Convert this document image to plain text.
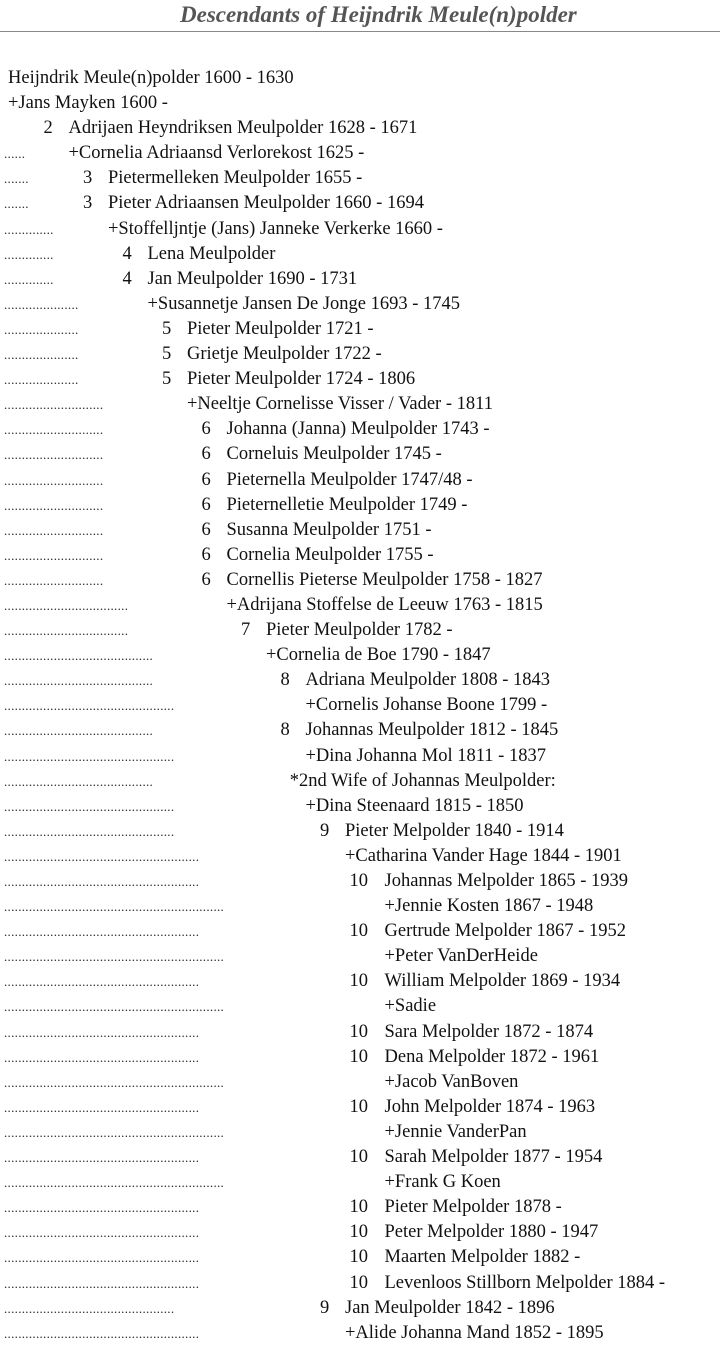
Descendants of Heijndrik Meule(n)polder
Heijndrik Meule(n)polder 1600 - 1630
+Jans Mayken 1600 -
2 Adrijaen Heyndriksen Meulpolder 1628 - 1671
...... +Cornelia Adriaansd Verlorekost 1625 -
.......	3 Pietermelleken Meulpolder 1655 -
.......	3 Pieter Adriaansen Meulpolder 1660 - 1694
..............	+Stoffelljntje (Jans) Janneke Verkerke 1660 -
..............	4 Lena Meulpolder
..............	4 Jan Meulpolder 1690 - 1731
.....................	+Susannetje Jansen De Jonge 1693 - 1745
.....................	5 Pieter Meulpolder 1721 -
.....................	5 Grietje Meulpolder 1722 -
.....................	5 Pieter Meulpolder 1724 - 1806
............................	+Neeltje Cornelisse Visser / Vader - 1811
............................	6 Johanna (Janna) Meulpolder 1743 -
............................	6 Corneluis Meulpolder 1745 -
............................	6 Pieternella Meulpolder 1747/48 -
............................	6 Pieternelletie Meulpolder 1749 -
............................	6 Susanna Meulpolder 1751 -
............................	6 Cornelia Meulpolder 1755 -
............................	6 Cornellis Pieterse Meulpolder 1758 - 1827
...................................	+Adrijana Stoffelse de Leeuw 1763 - 1815
...................................	7 Pieter Meulpolder 1782 -
..........................................	+Cornelia de Boe 1790 - 1847
..........................................	8 Adriana Meulpolder 1808 - 1843
................................................	+Cornelis Johanse Boone 1799 -
..........................................	8 Johannas Meulpolder 1812 - 1845
................................................	+Dina Johanna Mol 1811 - 1837
..........................................	*2nd Wife of Johannas Meulpolder:
................................................	+Dina Steenaard 1815 - 1850
................................................	9 Pieter Melpolder 1840 - 1914
.......................................................	+Catharina Vander Hage 1844 - 1901
.......................................................	10 Johannas Melpolder 1865 - 1939
..............................................................	+Jennie Kosten 1867 - 1948
.......................................................	10 Gertrude Melpolder 1867 - 1952
..............................................................	+Peter VanDerHeide
.......................................................	10 William Melpolder 1869 - 1934
..............................................................	+Sadie
.......................................................	10 Sara Melpolder 1872 - 1874
.......................................................	10 Dena Melpolder 1872 - 1961
..............................................................	+Jacob VanBoven
.......................................................	10 John Melpolder 1874 - 1963
..............................................................	+Jennie VanderPan
.......................................................	10 Sarah Melpolder 1877 - 1954
..............................................................	+Frank G Koen
.......................................................	10 Pieter Melpolder 1878 -
.......................................................	10 Peter Melpolder 1880 - 1947
.......................................................	10 Maarten Melpolder 1882 -
.......................................................	10 Levenloos Stillborn Melpolder 1884 -
................................................	9 Jan Meulpolder 1842 - 1896
.......................................................	+Alide Johanna Mand 1852 - 1895
